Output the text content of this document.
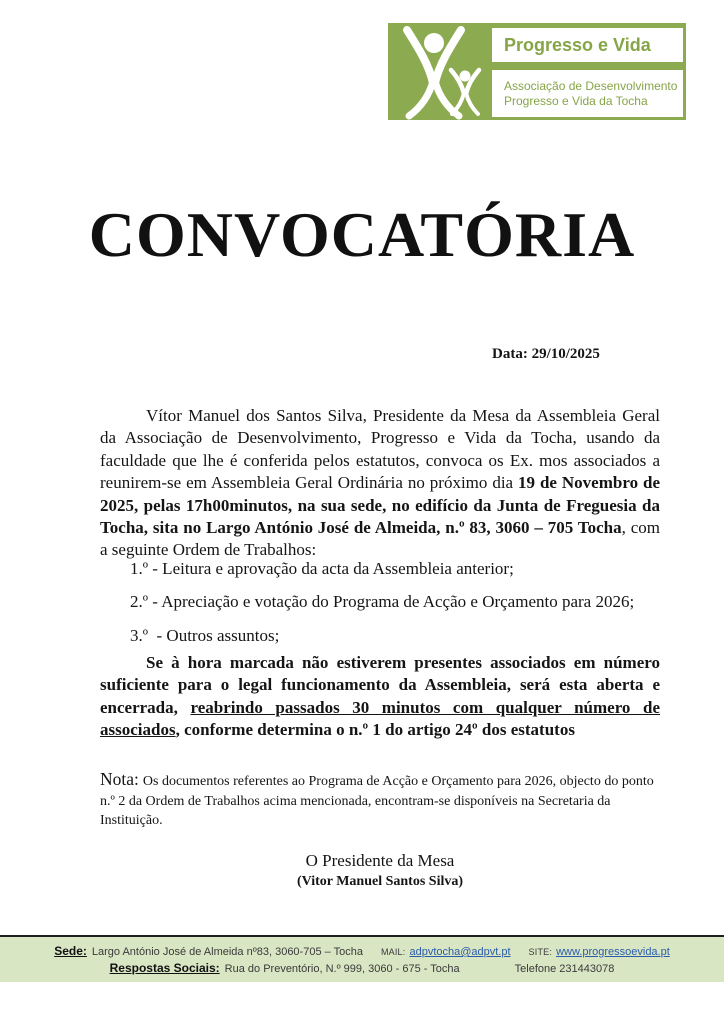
Progresso e Vida
Associação de Desenvolvimento
Progresso e Vida da Tocha
CONVOCATÓRIA
Data: 29/10/2025

Vítor Manuel dos Santos Silva, Presidente da Mesa da Assembleia Geral da Associação de Desenvolvimento, Progresso e Vida da Tocha, usando da faculdade que lhe é conferida pelos estatutos, convoca os Ex. mos associados a reunirem-se em Assembleia Geral Ordinária no próximo dia 19 de Novembro de 2025, pelas 17h00minutos, na sua sede, no edifício da Junta de Freguesia da Tocha, sita no Largo António José de Almeida, n.º 83, 3060 – 705 Tocha, com a seguinte Ordem de Trabalhos:

1.º - Leitura e aprovação da acta da Assembleia anterior;
2.º - Apreciação e votação do Programa de Acção e Orçamento para 2026;
3.º  - Outros assuntos;

Se à hora marcada não estiverem presentes associados em número suficiente para o legal funcionamento da Assembleia, será esta aberta e encerrada, reabrindo passados 30 minutos com qualquer número de associados, conforme determina o n.º 1 do artigo 24º dos estatutos

Nota: Os documentos referentes ao Programa de Acção e Orçamento para 2026, objecto do ponto n.º 2 da Ordem de Trabalhos acima mencionada, encontram-se disponíveis na Secretaria da Instituição.

O Presidente da Mesa
(Vitor Manuel Santos Silva)
Sede: Largo António José de Almeida nº83, 3060-705 – Tocha MAIL: adpvtocha@adpvt.pt SITE: www.progressoevida.pt
Respostas Sociais: Rua do Preventório, N.º 999, 3060 - 675 - Tocha	Telefone 231443078
